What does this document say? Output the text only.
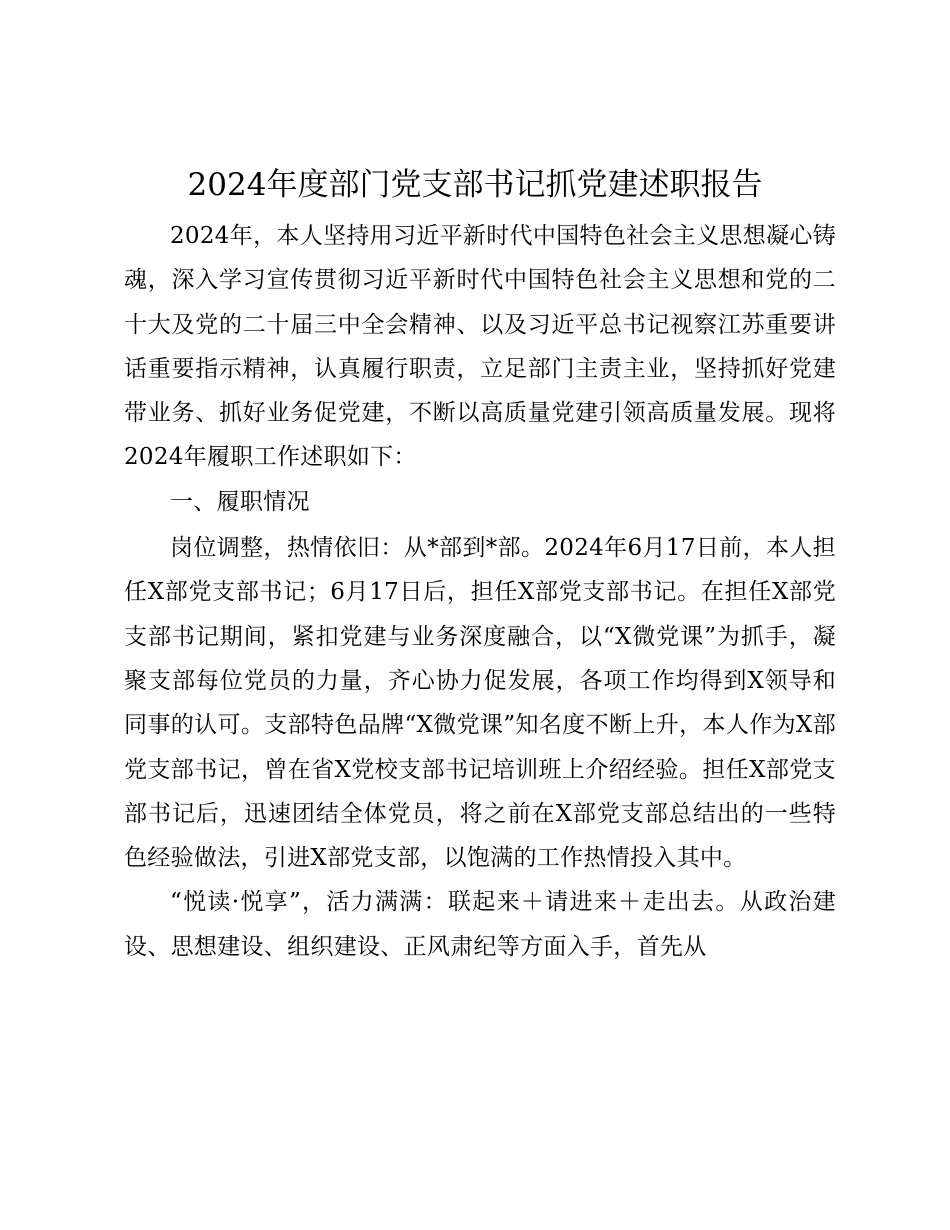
2024年度部门党支部书记抓党建述职报告

2024年，本人坚持用习近平新时代中国特色社会主义思想凝心铸魂，深入学习宣传贯彻习近平新时代中国特色社会主义思想和党的二十大及党的二十届三中全会精神、以及习近平总书记视察江苏重要讲话重要指示精神，认真履行职责，立足部门主责主业，坚持抓好党建带业务、抓好业务促党建，不断以高质量党建引领高质量发展。现将2024年履职工作述职如下：

一、履职情况

岗位调整，热情依旧：从*部到*部。2024年6月17日前，本人担任X部党支部书记；6月17日后，担任X部党支部书记。在担任X部党支部书记期间，紧扣党建与业务深度融合，以“X微党课”为抓手，凝聚支部每位党员的力量，齐心协力促发展，各项工作均得到X领导和同事的认可。支部特色品牌“X微党课”知名度不断上升，本人作为X部党支部书记，曾在省X党校支部书记培训班上介绍经验。担任X部党支部书记后，迅速团结全体党员，将之前在X部党支部总结出的一些特色经验做法，引进X部党支部，以饱满的工作热情投入其中。

“悦读·悦享”，活力满满：联起来＋请进来＋走出去。从政治建设、思想建设、组织建设、正风肃纪等方面入手，首先从
